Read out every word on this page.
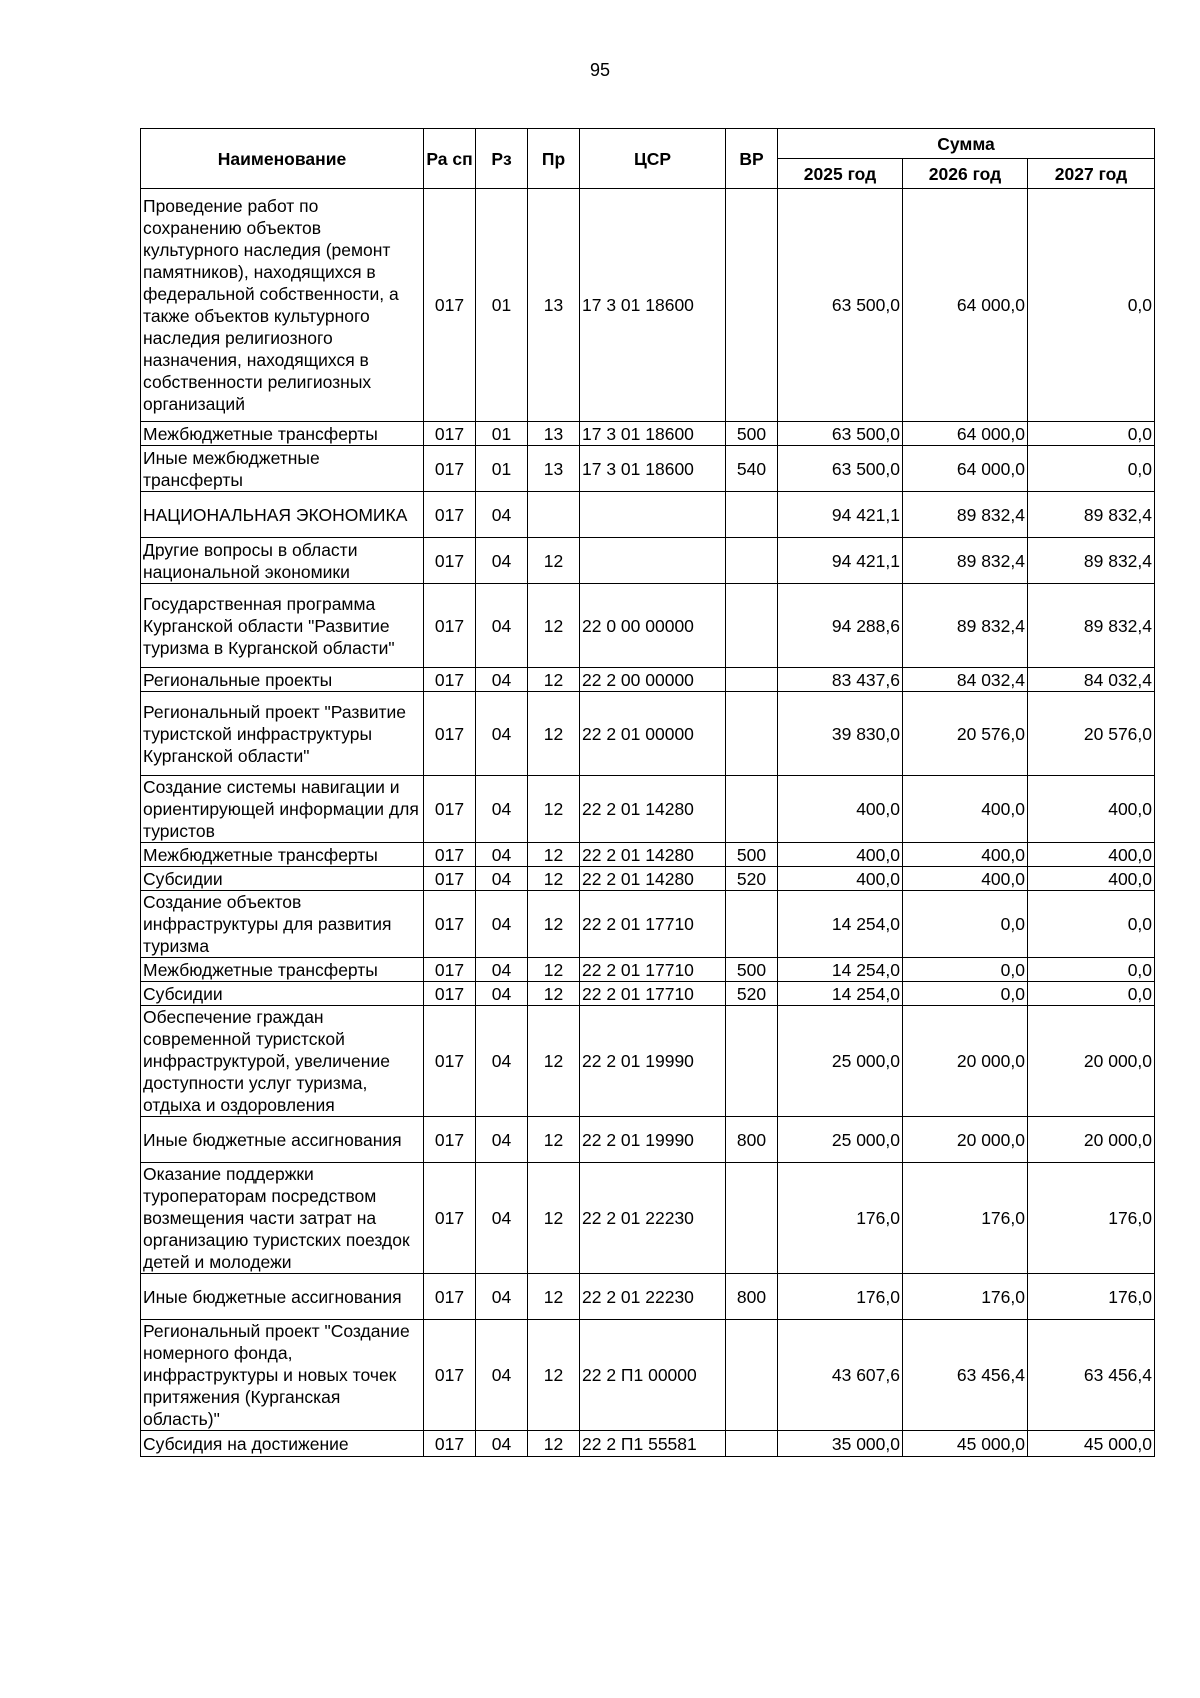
95
Наименование	Ра сп	Рз	Пр	ЦСР	ВР	Сумма		
						2025 год	2026 год	2027 год
Проведение работ по сохранению объектов культурного наследия (ремонт памятников), находящихся в федеральной собственности, а также объектов культурного наследия религиозного назначения, находящихся в собственности религиозных организаций	017	01	13	17 3 01 18600		63 500,0	64 000,0	0,0
Межбюджетные трансферты	017	01	13	17 3 01 18600	500	63 500,0	64 000,0	0,0
Иные межбюджетные трансферты	017	01	13	17 3 01 18600	540	63 500,0	64 000,0	0,0
НАЦИОНАЛЬНАЯ ЭКОНОМИКА	017	04				94 421,1	89 832,4	89 832,4
Другие вопросы в области национальной экономики	017	04	12			94 421,1	89 832,4	89 832,4
Государственная программа Курганской области "Развитие туризма в Курганской области"	017	04	12	22 0 00 00000		94 288,6	89 832,4	89 832,4
Региональные проекты	017	04	12	22 2 00 00000		83 437,6	84 032,4	84 032,4
Региональный проект "Развитие туристской инфраструктуры Курганской области"	017	04	12	22 2 01 00000		39 830,0	20 576,0	20 576,0
Создание системы навигации и ориентирующей информации для туристов	017	04	12	22 2 01 14280		400,0	400,0	400,0
Межбюджетные трансферты	017	04	12	22 2 01 14280	500	400,0	400,0	400,0
Субсидии	017	04	12	22 2 01 14280	520	400,0	400,0	400,0
Создание объектов инфраструктуры для развития туризма	017	04	12	22 2 01 17710		14 254,0	0,0	0,0
Межбюджетные трансферты	017	04	12	22 2 01 17710	500	14 254,0	0,0	0,0
Субсидии	017	04	12	22 2 01 17710	520	14 254,0	0,0	0,0
Обеспечение граждан современной туристской инфраструктурой, увеличение доступности услуг туризма, отдыха и оздоровления	017	04	12	22 2 01 19990		25 000,0	20 000,0	20 000,0
Иные бюджетные ассигнования	017	04	12	22 2 01 19990	800	25 000,0	20 000,0	20 000,0
Оказание поддержки туроператорам посредством возмещения части затрат на организацию туристских поездок детей и молодежи	017	04	12	22 2 01 22230		176,0	176,0	176,0
Иные бюджетные ассигнования	017	04	12	22 2 01 22230	800	176,0	176,0	176,0
Региональный проект "Создание номерного фонда, инфраструктуры и новых точек притяжения (Курганская область)"	017	04	12	22 2 П1 00000		43 607,6	63 456,4	63 456,4
Субсидия на достижение	017	04	12	22 2 П1 55581		35 000,0	45 000,0	45 000,0
